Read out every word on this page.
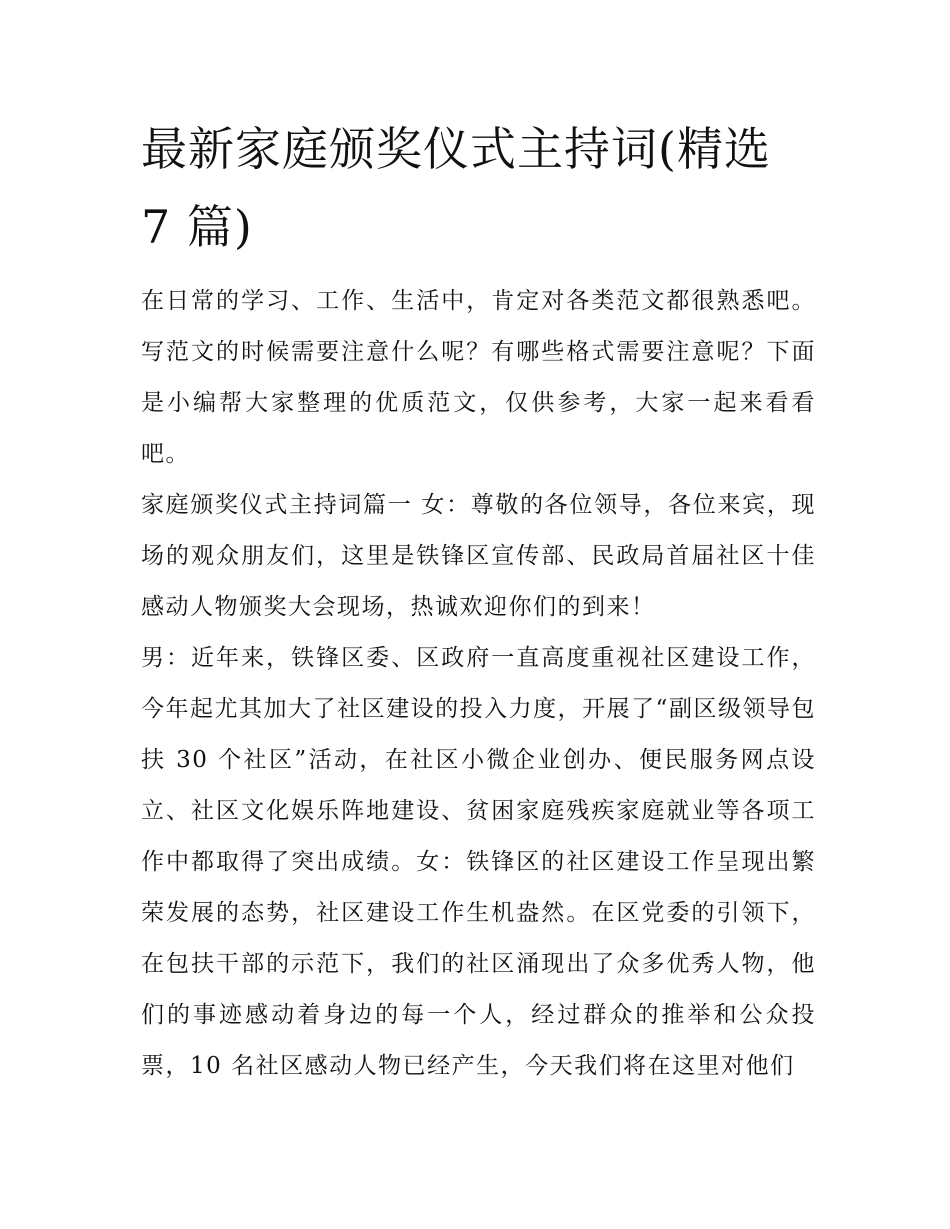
最新家庭颁奖仪式主持词(精选 7 篇)

在日常的学习、工作、生活中，肯定对各类范文都很熟悉吧。写范文的时候需要注意什么呢？有哪些格式需要注意呢？下面是小编帮大家整理的优质范文，仅供参考，大家一起来看看吧。

家庭颁奖仪式主持词篇一 女：尊敬的各位领导，各位来宾，现场的观众朋友们，这里是铁锋区宣传部、民政局首届社区十佳感动人物颁奖大会现场，热诚欢迎你们的到来！

男：近年来，铁锋区委、区政府一直高度重视社区建设工作，今年起尤其加大了社区建设的投入力度，开展了“副区级领导包扶 30 个社区”活动，在社区小微企业创办、便民服务网点设立、社区文化娱乐阵地建设、贫困家庭残疾家庭就业等各项工作中都取得了突出成绩。女：铁锋区的社区建设工作呈现出繁荣发展的态势，社区建设工作生机盎然。在区党委的引领下，在包扶干部的示范下，我们的社区涌现出了众多优秀人物，他们的事迹感动着身边的每一个人，经过群众的推举和公众投票，10 名社区感动人物已经产生，今天我们将在这里对他们
